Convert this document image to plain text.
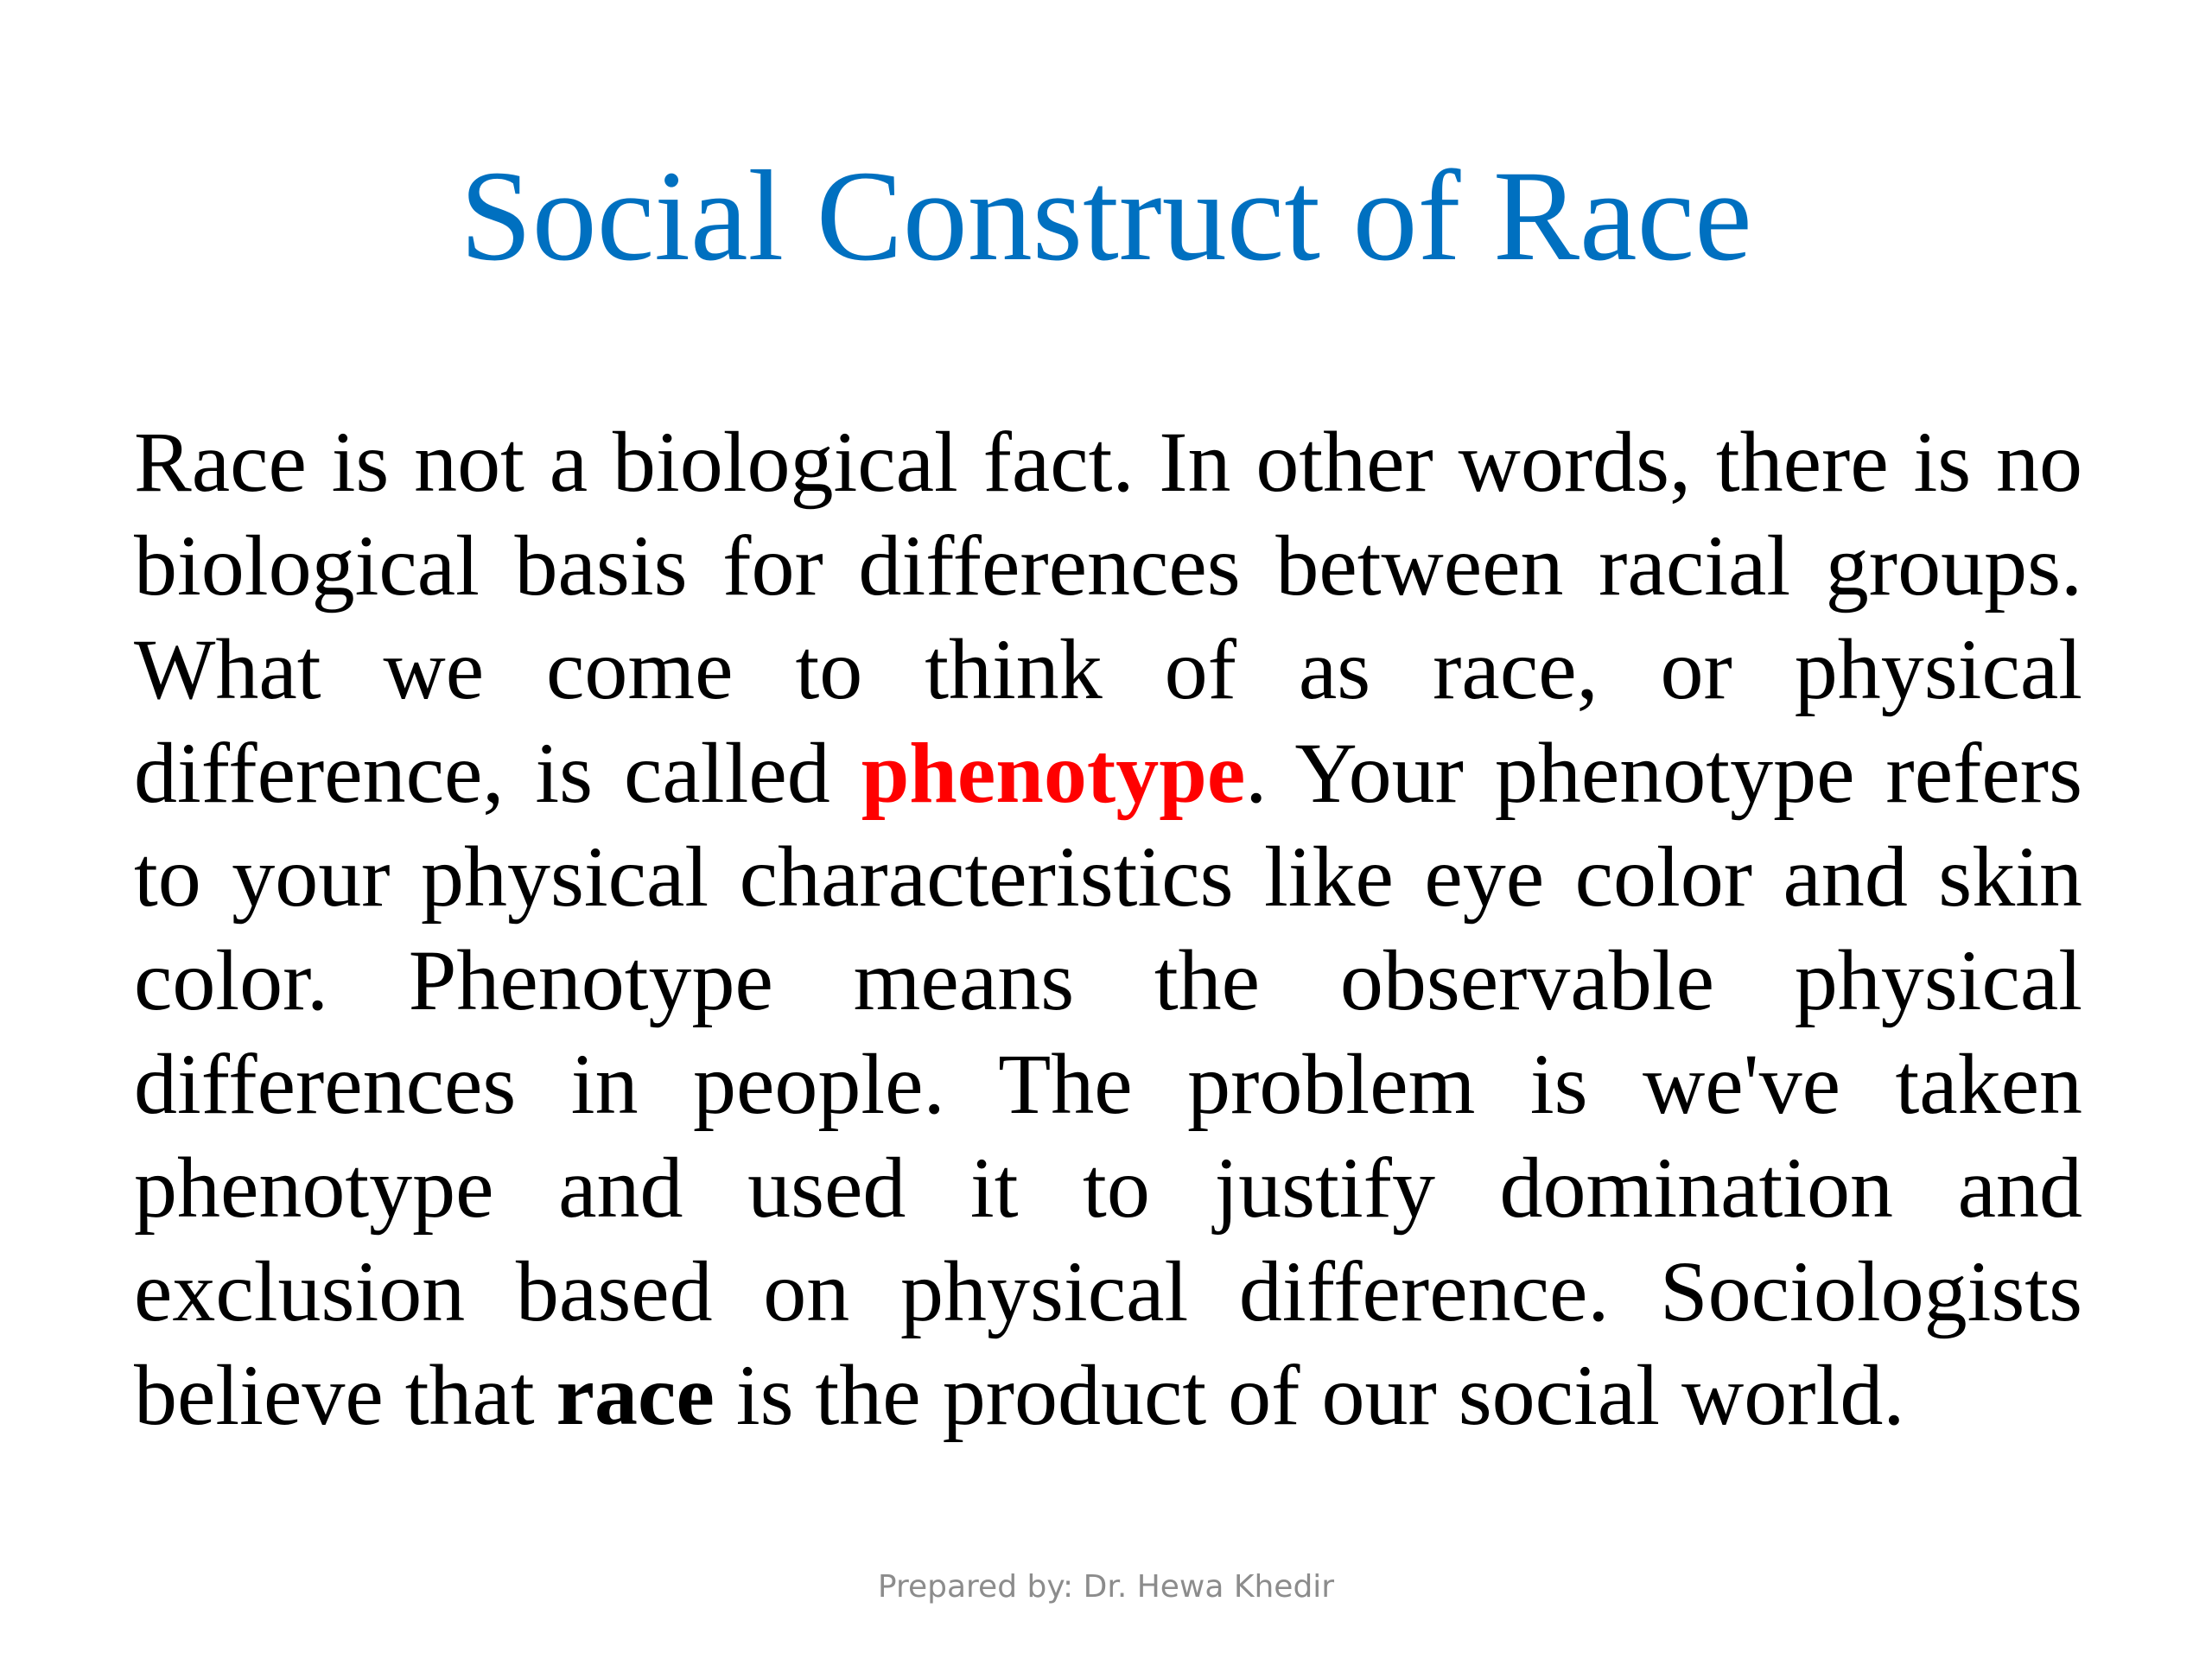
Social Construct of Race

Race is not a biological fact. In other words, there is no biological basis for differences between racial groups. What we come to think of as race, or physical difference, is called phenotype. Your phenotype refers to your physical characteristics like eye color and skin color. Phenotype means the observable physical differences in people. The problem is we've taken phenotype and used it to justify domination and exclusion based on physical difference. Sociologists believe that race is the product of our social world.

Prepared by: Dr. Hewa Khedir
